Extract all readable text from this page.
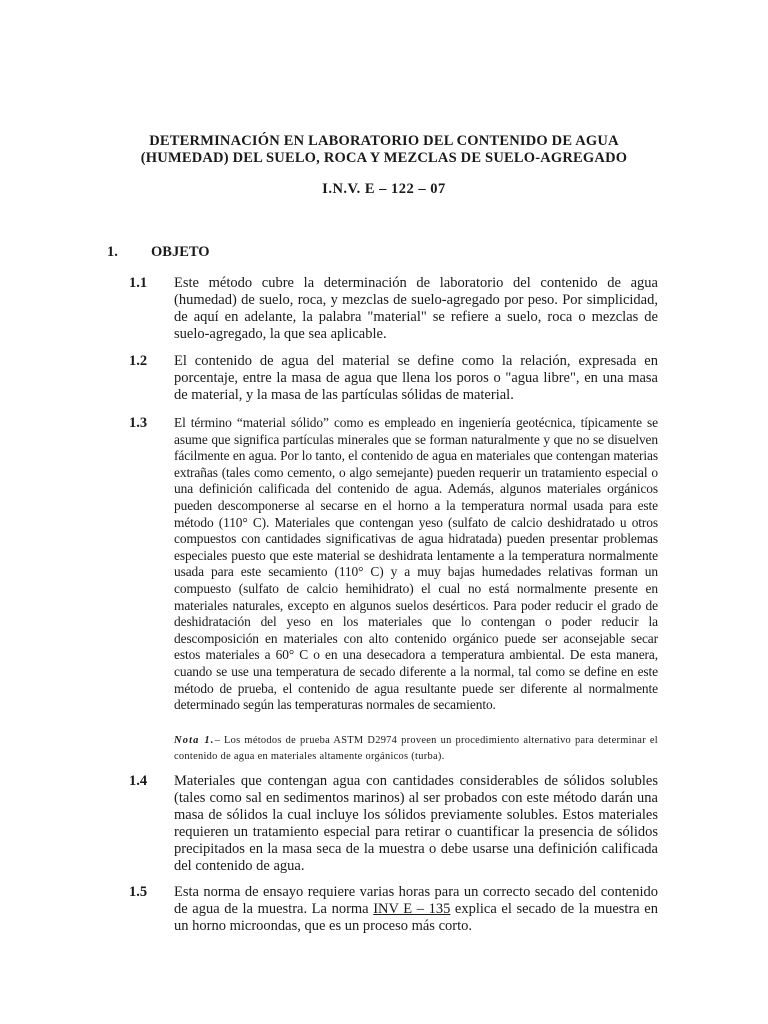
DETERMINACIÓN EN LABORATORIO DEL CONTENIDO DE AGUA
(HUMEDAD) DEL SUELO, ROCA Y MEZCLAS DE SUELO-AGREGADO
I.N.V. E – 122 – 07
1. OBJETO
1.1 Este método cubre la determinación de laboratorio del contenido de agua (humedad) de suelo, roca, y mezclas de suelo-agregado por peso. Por simplicidad, de aquí en adelante, la palabra "material" se refiere a suelo, roca o mezclas de suelo-agregado, la que sea aplicable.

1.2 El contenido de agua del material se define como la relación, expresada en porcentaje, entre la masa de agua que llena los poros o "agua libre", en una masa de material, y la masa de las partículas sólidas de material.

1.3 El término “material sólido” como es empleado en ingeniería geotécnica, típicamente se asume que significa partículas minerales que se forman naturalmente y que no se disuelven fácilmente en agua. Por lo tanto, el contenido de agua en materiales que contengan materias extrañas (tales como cemento, o algo semejante) pueden requerir un tratamiento especial o una definición calificada del contenido de agua. Además, algunos materiales orgánicos pueden descomponerse al secarse en el horno a la temperatura normal usada para este método (110° C). Materiales que contengan yeso (sulfato de calcio deshidratado u otros compuestos con cantidades significativas de agua hidratada) pueden presentar problemas especiales puesto que este material se deshidrata lentamente a la temperatura normalmente usada para este secamiento (110° C) y a muy bajas humedades relativas forman un compuesto (sulfato de calcio hemihidrato) el cual no está normalmente presente en materiales naturales, excepto en algunos suelos desérticos. Para poder reducir el grado de deshidratación del yeso en los materiales que lo contengan o poder reducir la descomposición en materiales con alto contenido orgánico puede ser aconsejable secar estos materiales a 60° C o en una desecadora a temperatura ambiental. De esta manera, cuando se use una temperatura de secado diferente a la normal, tal como se define en este método de prueba, el contenido de agua resultante puede ser diferente al normalmente determinado según las temperaturas normales de secamiento.

Nota 1.– Los métodos de prueba ASTM D2974 proveen un procedimiento alternativo para determinar el contenido de agua en materiales altamente orgánicos (turba).

1.4 Materiales que contengan agua con cantidades considerables de sólidos solubles (tales como sal en sedimentos marinos) al ser probados con este método darán una masa de sólidos la cual incluye los sólidos previamente solubles. Estos materiales requieren un tratamiento especial para retirar o cuantificar la presencia de sólidos precipitados en la masa seca de la muestra o debe usarse una definición calificada del contenido de agua.

1.5 Esta norma de ensayo requiere varias horas para un correcto secado del contenido de agua de la muestra. La norma INV E – 135 explica el secado de la muestra en un horno microondas, que es un proceso más corto.
